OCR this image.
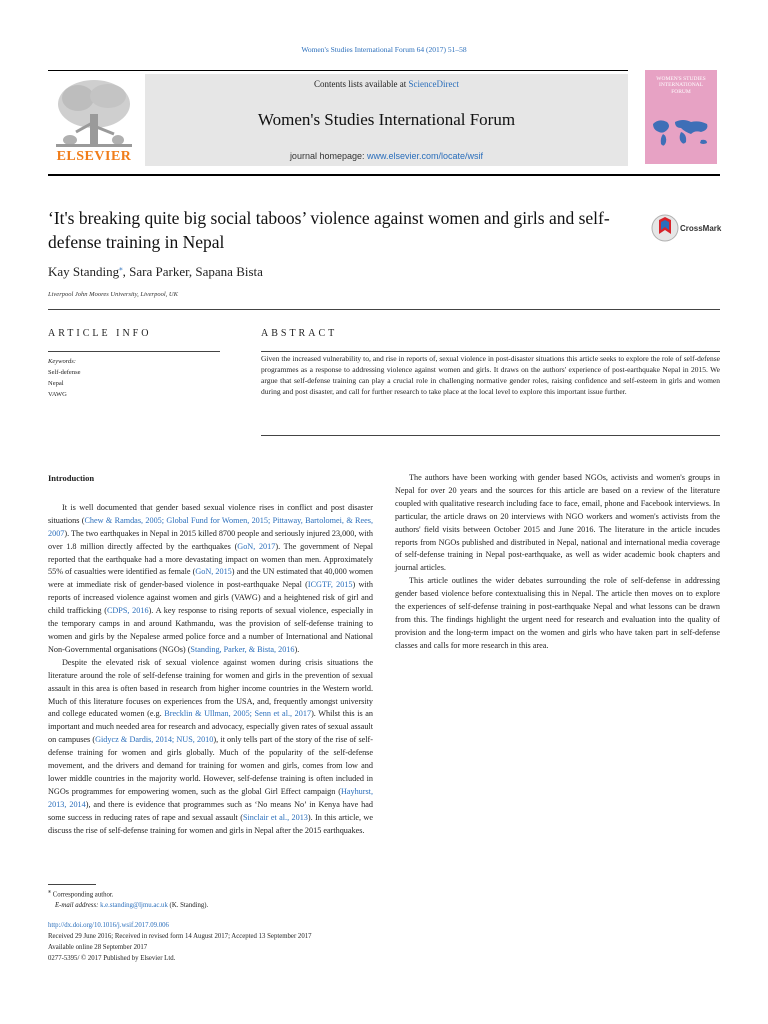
Women's Studies International Forum 64 (2017) 51–58
ELSEVIER
Contents lists available at ScienceDirect
Women's Studies International Forum
journal homepage: www.elsevier.com/locate/wsif
WOMEN'S STUDIES INTERNATIONAL FORUM
‘It's breaking quite big social taboos’ violence against women and girls and self-defense training in Nepal
CrossMark
Kay Standing⁎, Sara Parker, Sapana Bista
Liverpool John Moores University, Liverpool, UK
ARTICLE INFO	ABSTRACT
Keywords:
Self-defense
Nepal
VAWG
Given the increased vulnerability to, and rise in reports of, sexual violence in post-disaster situations this article seeks to explore the role of self-defense programmes as a response to addressing violence against women and girls. It draws on the authors' experience of post-earthquake Nepal in 2015. We argue that self-defense training can play a crucial role in challenging normative gender roles, raising confidence and self-esteem in girls and women during and post disaster, and call for further research to take place at the local level to explore this important issue further.
Introduction

It is well documented that gender based sexual violence rises in conflict and post disaster situations (Chew & Ramdas, 2005; Global Fund for Women, 2015; Pittaway, Bartolomei, & Rees, 2007). The two earthquakes in Nepal in 2015 killed 8700 people and seriously injured 23,000, with over 1.8 million directly affected by the earthquakes (GoN, 2017). The government of Nepal reported that the earthquake had a more devastating impact on women than men. Approximately 55% of casualties were identified as female (GoN, 2015) and the UN estimated that 40,000 women were at immediate risk of gender-based violence in post-earthquake Nepal (ICGTF, 2015) with reports of increased violence against women and girls (VAWG) and a heightened risk of girl and child trafficking (CDPS, 2016). A key response to rising reports of sexual violence, especially in the temporary camps in and around Kathmandu, was the provision of self-defense training to women and girls by the Nepalese armed police force and a number of International and National Non-Governmental organisations (NGOs) (Standing, Parker, & Bista, 2016).

Despite the elevated risk of sexual violence against women during crisis situations the literature around the role of self-defense training for women and girls in the prevention of sexual assault in this area is often based in research from higher income countries in the Western world. Much of this literature focuses on experiences from the USA, and, frequently amongst university and college educated women (e.g. Brecklin & Ullman, 2005; Senn et al., 2017). Whilst this is an important and much needed area for research and advocacy, especially given rates of sexual assault on campuses (Gidycz & Dardis, 2014; NUS, 2010), it only tells part of the story of the rise of self-defense training for women and girls globally. Much of the popularity of the self-defense movement, and the drivers and demand for training for women and girls, comes from low and lower middle countries in the majority world. However, self-defense training is often included in NGOs programmes for empowering women, such as the global Girl Effect campaign (Hayhurst, 2013, 2014), and there is evidence that programmes such as ‘No means No’ in Kenya have had some success in reducing rates of rape and sexual assault (Sinclair et al., 2013). In this article, we discuss the rise of self-defense training for women and girls in Nepal after the 2015 earthquakes.

The authors have been working with gender based NGOs, activists and women's groups in Nepal for over 20 years and the sources for this article are based on a review of the literature coupled with qualitative research including face to face, email, phone and Facebook interviews. In particular, the article draws on 20 interviews with NGO workers and women's activists from the authors' field visits between October 2015 and June 2016. The literature in the article incudes reports from NGOs published and distributed in Nepal, national and international media coverage of self-defense training in Nepal post-earthquake, as well as wider academic book chapters and journal articles.

This article outlines the wider debates surrounding the role of self-defense in addressing gender based violence before contextualising this in Nepal. The article then moves on to explore the experiences of self-defense training in post-earthquake Nepal and what lessons can be drawn from this. The findings highlight the urgent need for research and evaluation into the quality of provision and the long-term impact on the women and girls who have taken part in self-defense classes and calls for more research in this area.

⁎ Corresponding author.
E-mail address: k.e.standing@ljmu.ac.uk (K. Standing).
http://dx.doi.org/10.1016/j.wsif.2017.09.006
Received 29 June 2016; Received in revised form 14 August 2017; Accepted 13 September 2017
Available online 28 September 2017
0277-5395/ © 2017 Published by Elsevier Ltd.
